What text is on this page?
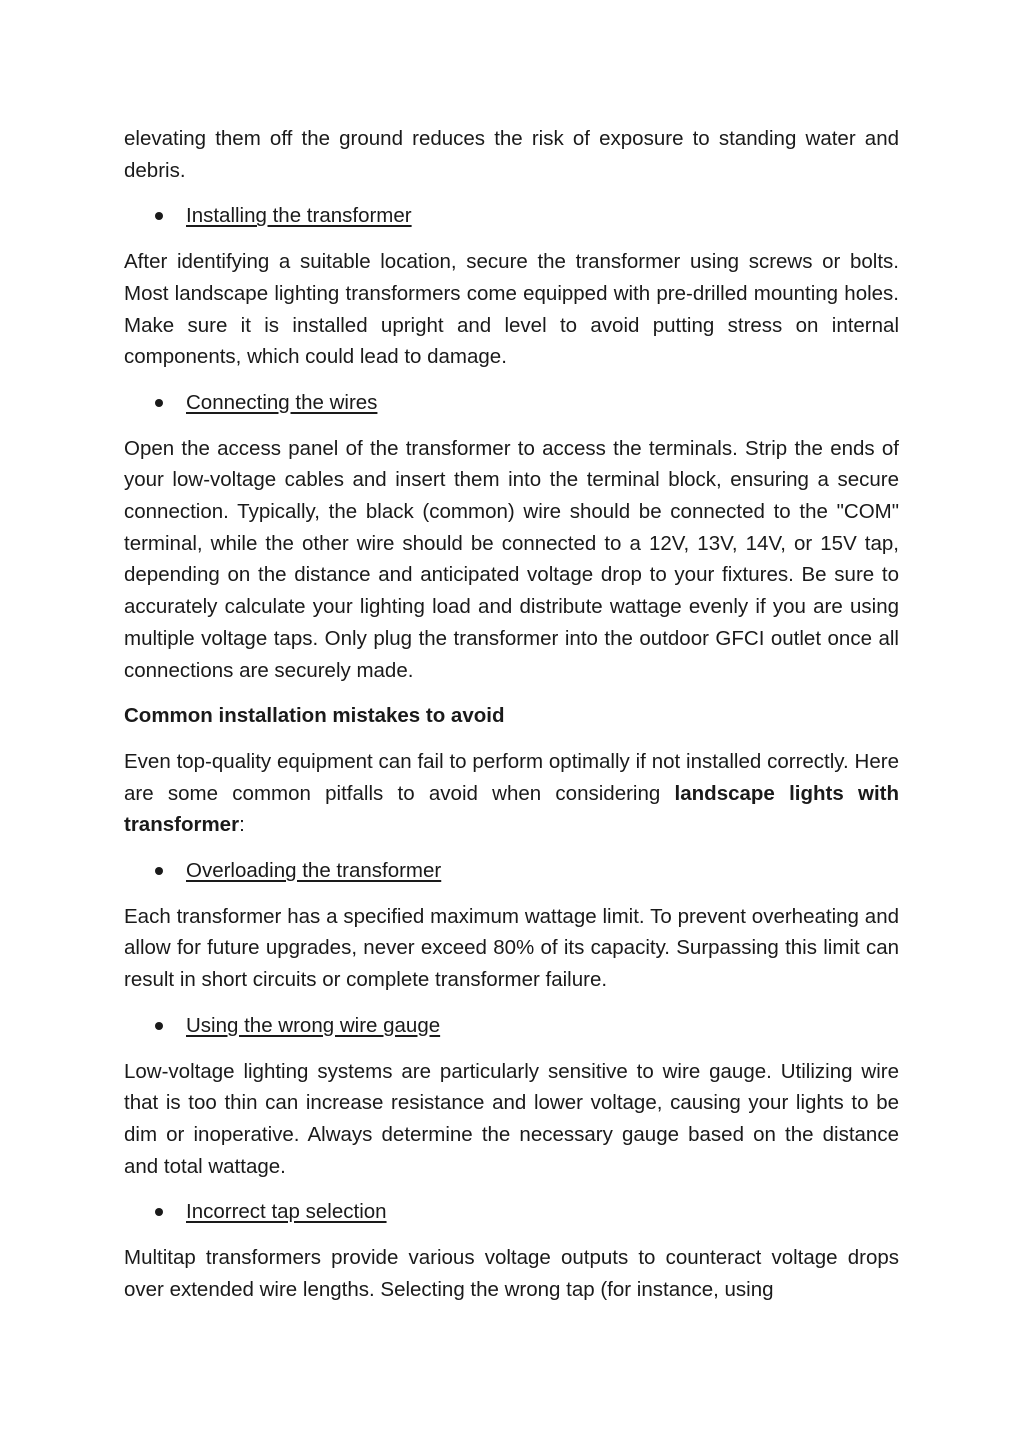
elevating them off the ground reduces the risk of exposure to standing water and debris.

Installing the transformer

After identifying a suitable location, secure the transformer using screws or bolts. Most landscape lighting transformers come equipped with pre-drilled mounting holes. Make sure it is installed upright and level to avoid putting stress on internal components, which could lead to damage.

Connecting the wires

Open the access panel of the transformer to access the terminals. Strip the ends of your low-voltage cables and insert them into the terminal block, ensuring a secure connection. Typically, the black (common) wire should be connected to the "COM" terminal, while the other wire should be connected to a 12V, 13V, 14V, or 15V tap, depending on the distance and anticipated voltage drop to your fixtures. Be sure to accurately calculate your lighting load and distribute wattage evenly if you are using multiple voltage taps. Only plug the transformer into the outdoor GFCI outlet once all connections are securely made.

Common installation mistakes to avoid

Even top-quality equipment can fail to perform optimally if not installed correctly. Here are some common pitfalls to avoid when considering landscape lights with transformer:

Overloading the transformer

Each transformer has a specified maximum wattage limit. To prevent overheating and allow for future upgrades, never exceed 80% of its capacity. Surpassing this limit can result in short circuits or complete transformer failure.

Using the wrong wire gauge

Low-voltage lighting systems are particularly sensitive to wire gauge. Utilizing wire that is too thin can increase resistance and lower voltage, causing your lights to be dim or inoperative. Always determine the necessary gauge based on the distance and total wattage.

Incorrect tap selection

Multitap transformers provide various voltage outputs to counteract voltage drops over extended wire lengths. Selecting the wrong tap (for instance, using
